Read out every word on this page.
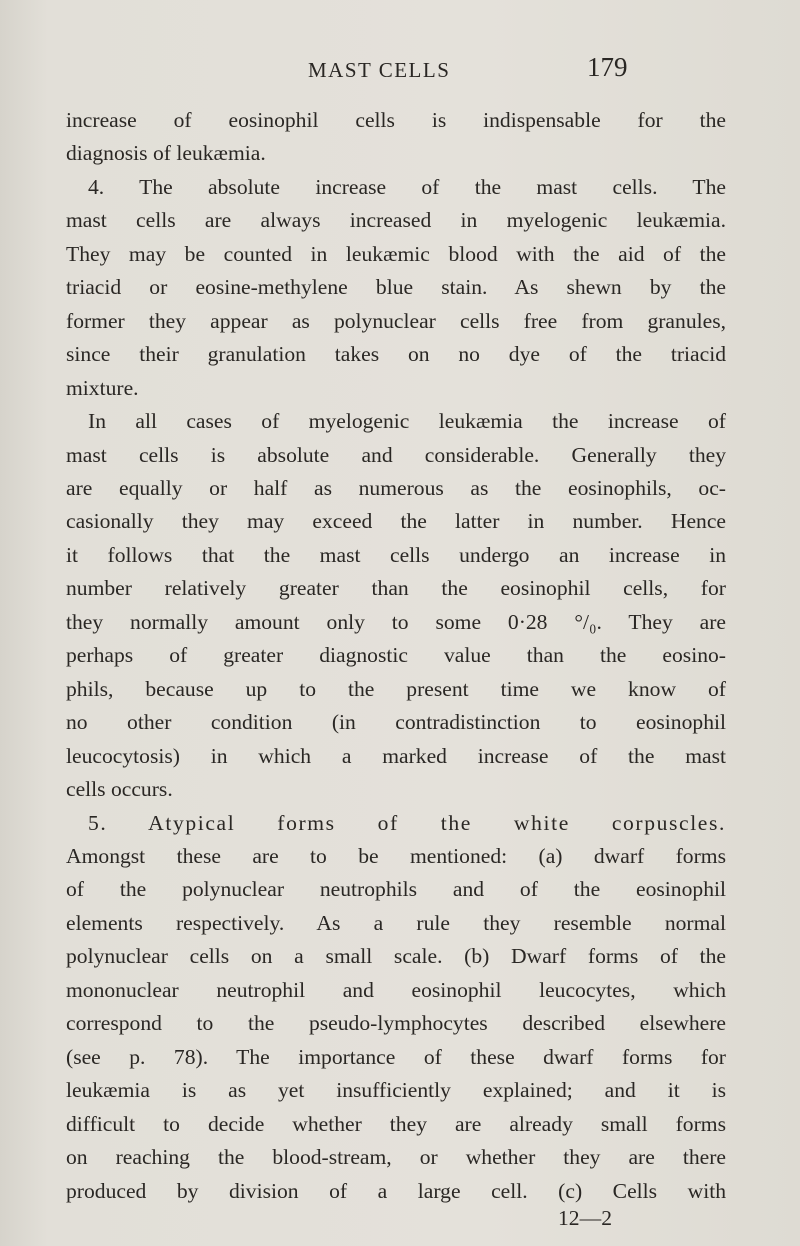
MAST CELLS	179
increase of eosinophil cells is indispensable for the
diagnosis of leukæmia.
4. The absolute increase of the mast cells. The
mast cells are always increased in myelogenic leukæmia.
They may be counted in leukæmic blood with the aid of the
triacid or eosine-methylene blue stain. As shewn by the
former they appear as polynuclear cells free from granules,
since their granulation takes on no dye of the triacid
mixture.
In all cases of myelogenic leukæmia the increase of
mast cells is absolute and considerable. Generally they
are equally or half as numerous as the eosinophils, oc-
casionally they may exceed the latter in number. Hence
it follows that the mast cells undergo an increase in
number relatively greater than the eosinophil cells, for
they normally amount only to some 0·28 °/₀. They are
perhaps of greater diagnostic value than the eosino-
phils, because up to the present time we know of
no other condition (in contradistinction to eosinophil
leucocytosis) in which a marked increase of the mast
cells occurs.
5. Atypical forms of the white corpuscles.
Amongst these are to be mentioned: (a) dwarf forms
of the polynuclear neutrophils and of the eosinophil
elements respectively. As a rule they resemble normal
polynuclear cells on a small scale. (b) Dwarf forms of the
mononuclear neutrophil and eosinophil leucocytes, which
correspond to the pseudo-lymphocytes described elsewhere
(see p. 78). The importance of these dwarf forms for
leukæmia is as yet insufficiently explained; and it is
difficult to decide whether they are already small forms
on reaching the blood-stream, or whether they are there
produced by division of a large cell. (c) Cells with
12—2
